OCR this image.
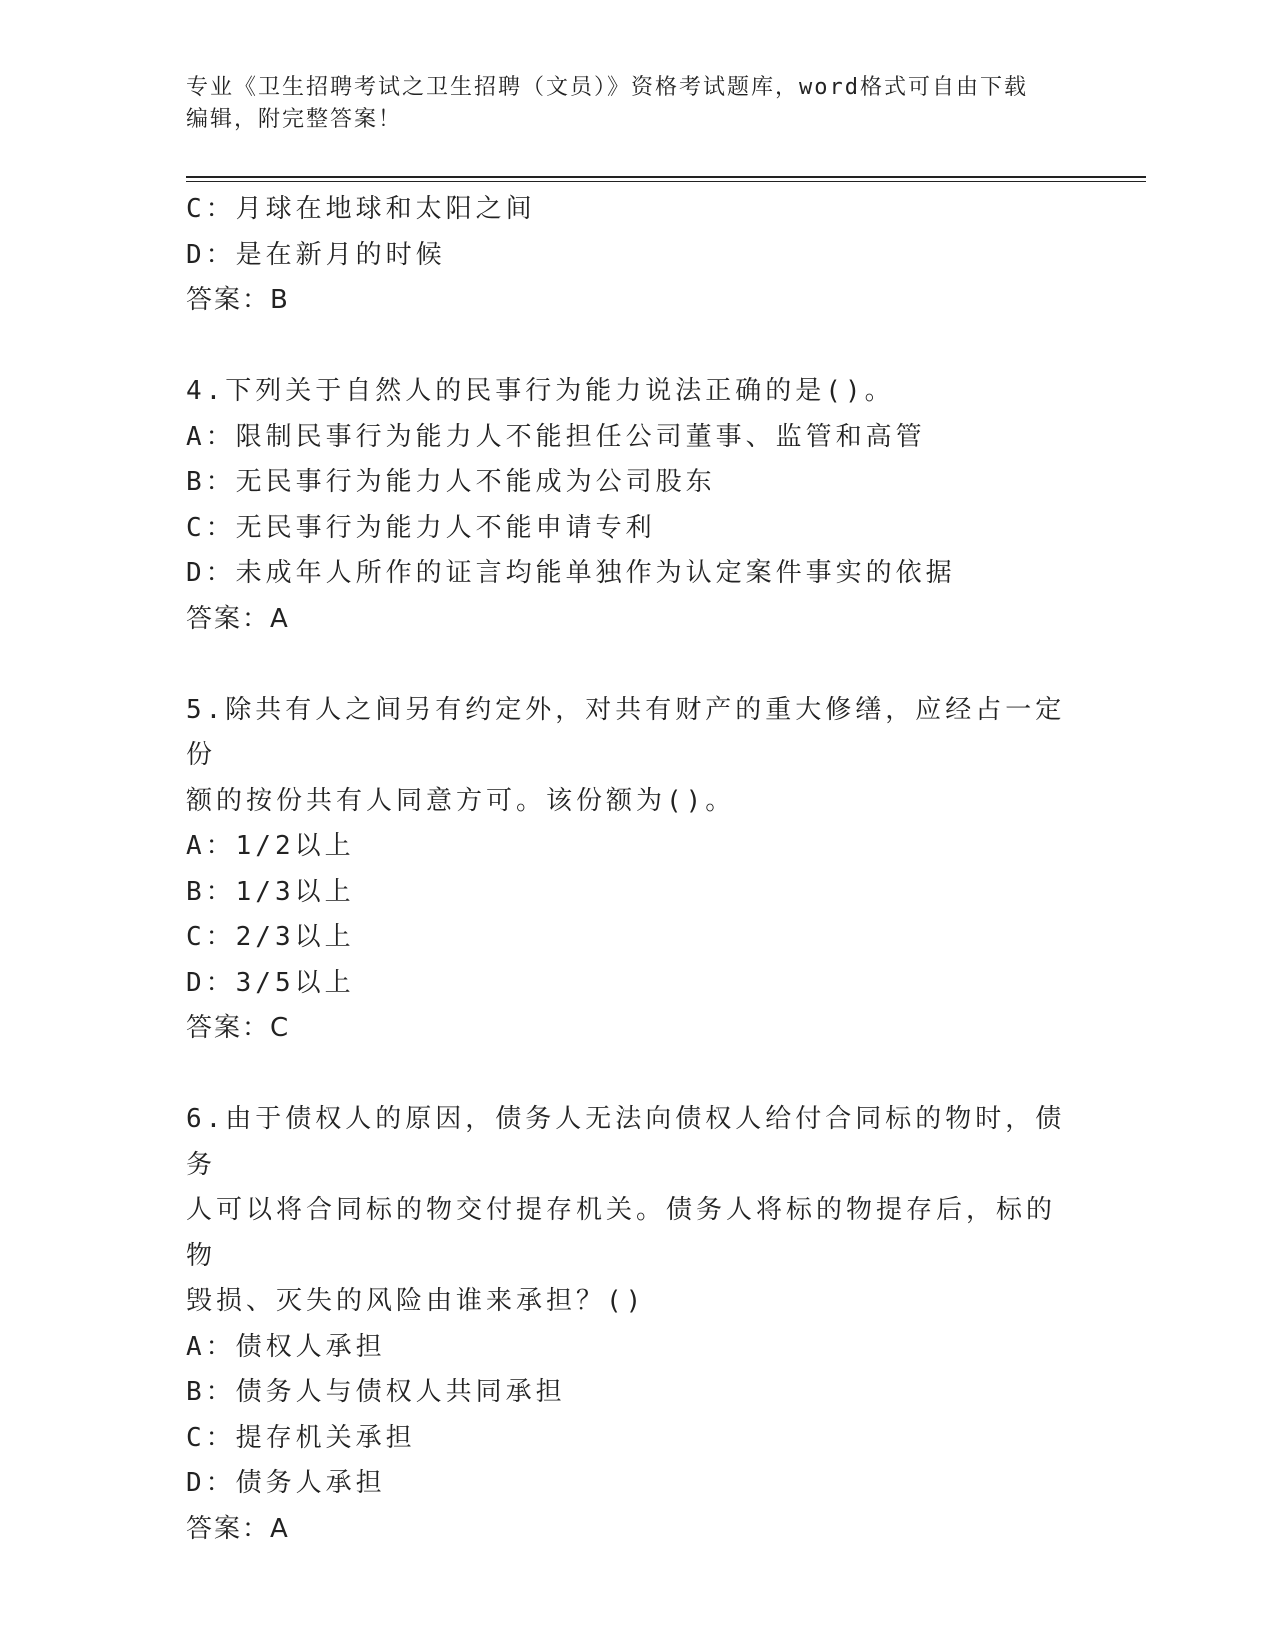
专业《卫生招聘考试之卫生招聘（文员）》资格考试题库，word格式可自由下载
编辑，附完整答案！

C：月球在地球和太阳之间

D：是在新月的时候

答案：B

4.下列关于自然人的民事行为能力说法正确的是()。

A：限制民事行为能力人不能担任公司董事、监管和高管

B：无民事行为能力人不能成为公司股东

C：无民事行为能力人不能申请专利

D：未成年人所作的证言均能单独作为认定案件事实的依据

答案：A

5.除共有人之间另有约定外，对共有财产的重大修缮，应经占一定份

额的按份共有人同意方可。该份额为()。

A：1/2以上

B：1/3以上

C：2/3以上

D：3/5以上

答案：C

6.由于债权人的原因，债务人无法向债权人给付合同标的物时，债务

人可以将合同标的物交付提存机关。债务人将标的物提存后，标的物

毁损、灭失的风险由谁来承担？()

A：债权人承担

B：债务人与债权人共同承担

C：提存机关承担

D：债务人承担

答案：A
